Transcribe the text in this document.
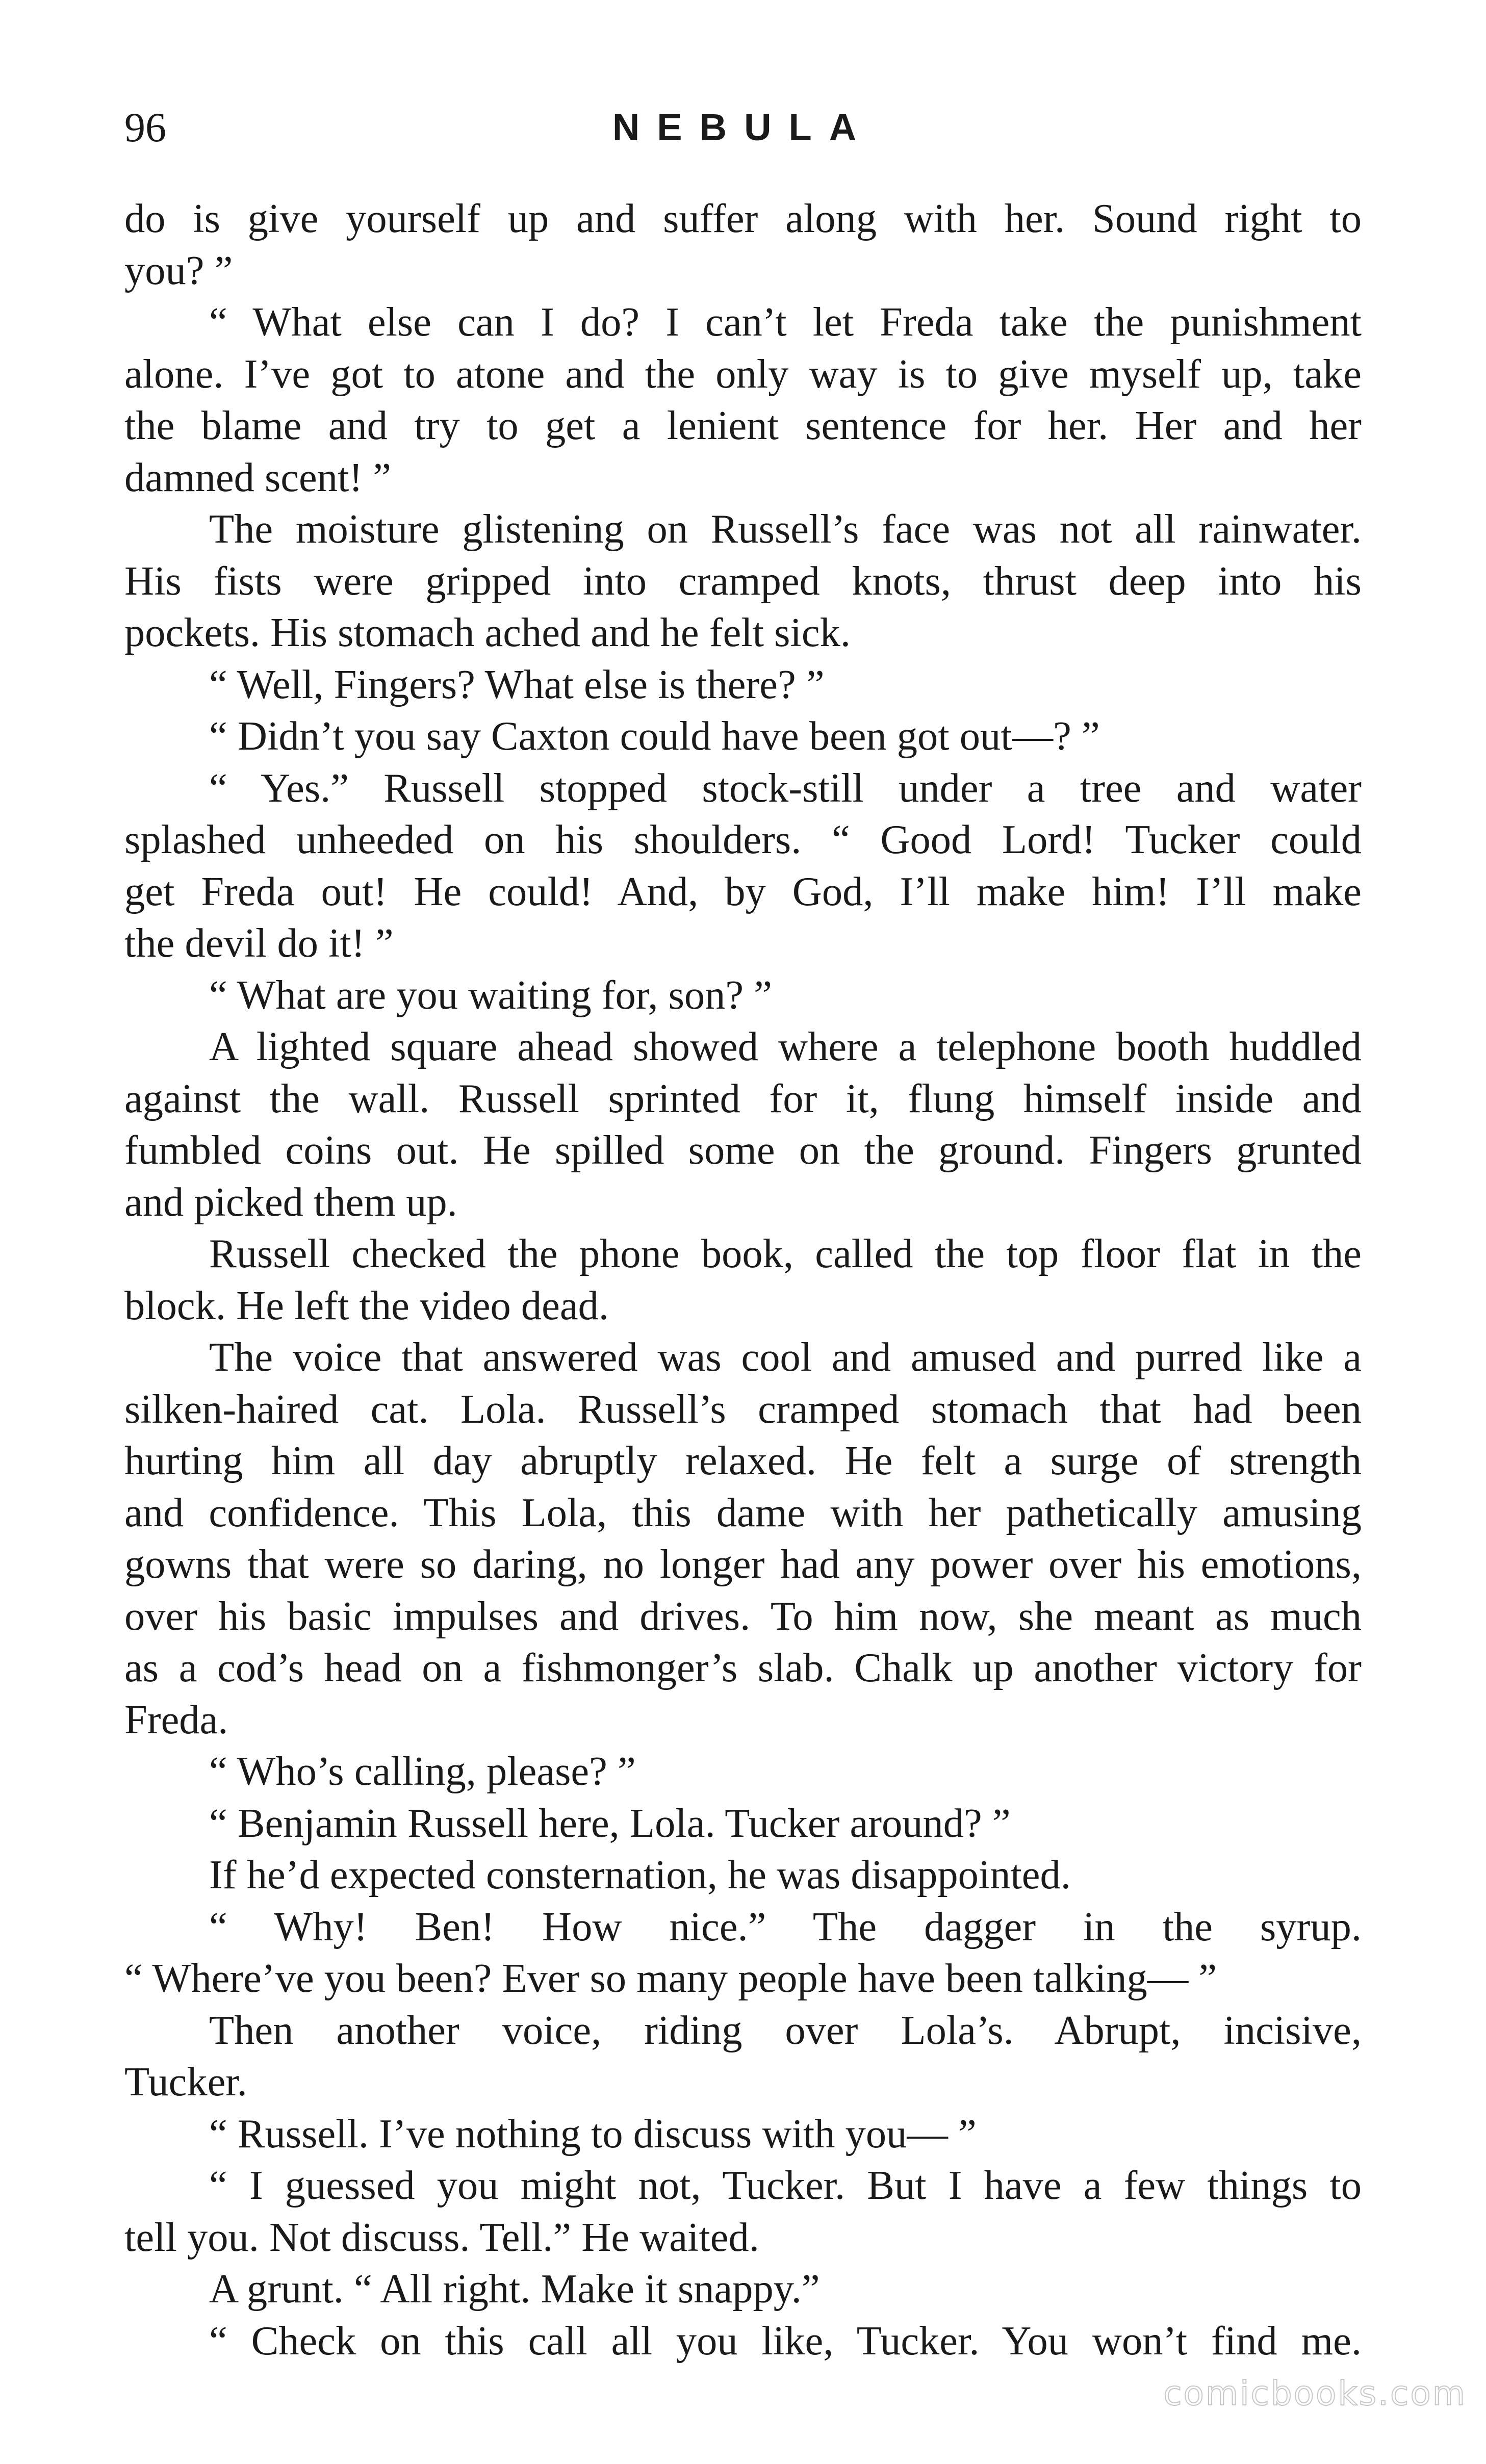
96	NEBULA
do is give yourself up and suffer along with her. Sound right to
you? ”
“ What else can I do? I can’t let Freda take the punishment
alone. I’ve got to atone and the only way is to give myself up, take
the blame and try to get a lenient sentence for her. Her and her
damned scent! ”
The moisture glistening on Russell’s face was not all rainwater.
His fists were gripped into cramped knots, thrust deep into his
pockets. His stomach ached and he felt sick.
“ Well, Fingers? What else is there? ”
“ Didn’t you say Caxton could have been got out—? ”
“ Yes.” Russell stopped stock-still under a tree and water
splashed unheeded on his shoulders. “ Good Lord! Tucker could
get Freda out! He could! And, by God, I’ll make him! I’ll make
the devil do it! ”
“ What are you waiting for, son? ”
A lighted square ahead showed where a telephone booth huddled
against the wall. Russell sprinted for it, flung himself inside and
fumbled coins out. He spilled some on the ground. Fingers grunted
and picked them up.
Russell checked the phone book, called the top floor flat in the
block. He left the video dead.
The voice that answered was cool and amused and purred like a
silken-haired cat. Lola. Russell’s cramped stomach that had been
hurting him all day abruptly relaxed. He felt a surge of strength
and confidence. This Lola, this dame with her pathetically amusing
gowns that were so daring, no longer had any power over his emotions,
over his basic impulses and drives. To him now, she meant as much
as a cod’s head on a fishmonger’s slab. Chalk up another victory for
Freda.
“ Who’s calling, please? ”
“ Benjamin Russell here, Lola. Tucker around? ”
If he’d expected consternation, he was disappointed.
“ Why! Ben! How nice.” The dagger in the syrup.
“ Where’ve you been? Ever so many people have been talking— ”
Then another voice, riding over Lola’s. Abrupt, incisive,
Tucker.
“ Russell. I’ve nothing to discuss with you— ”
“ I guessed you might not, Tucker. But I have a few things to
tell you. Not discuss. Tell.” He waited.
A grunt. “ All right. Make it snappy.”
“ Check on this call all you like, Tucker. You won’t find me.
comicbooks.com
